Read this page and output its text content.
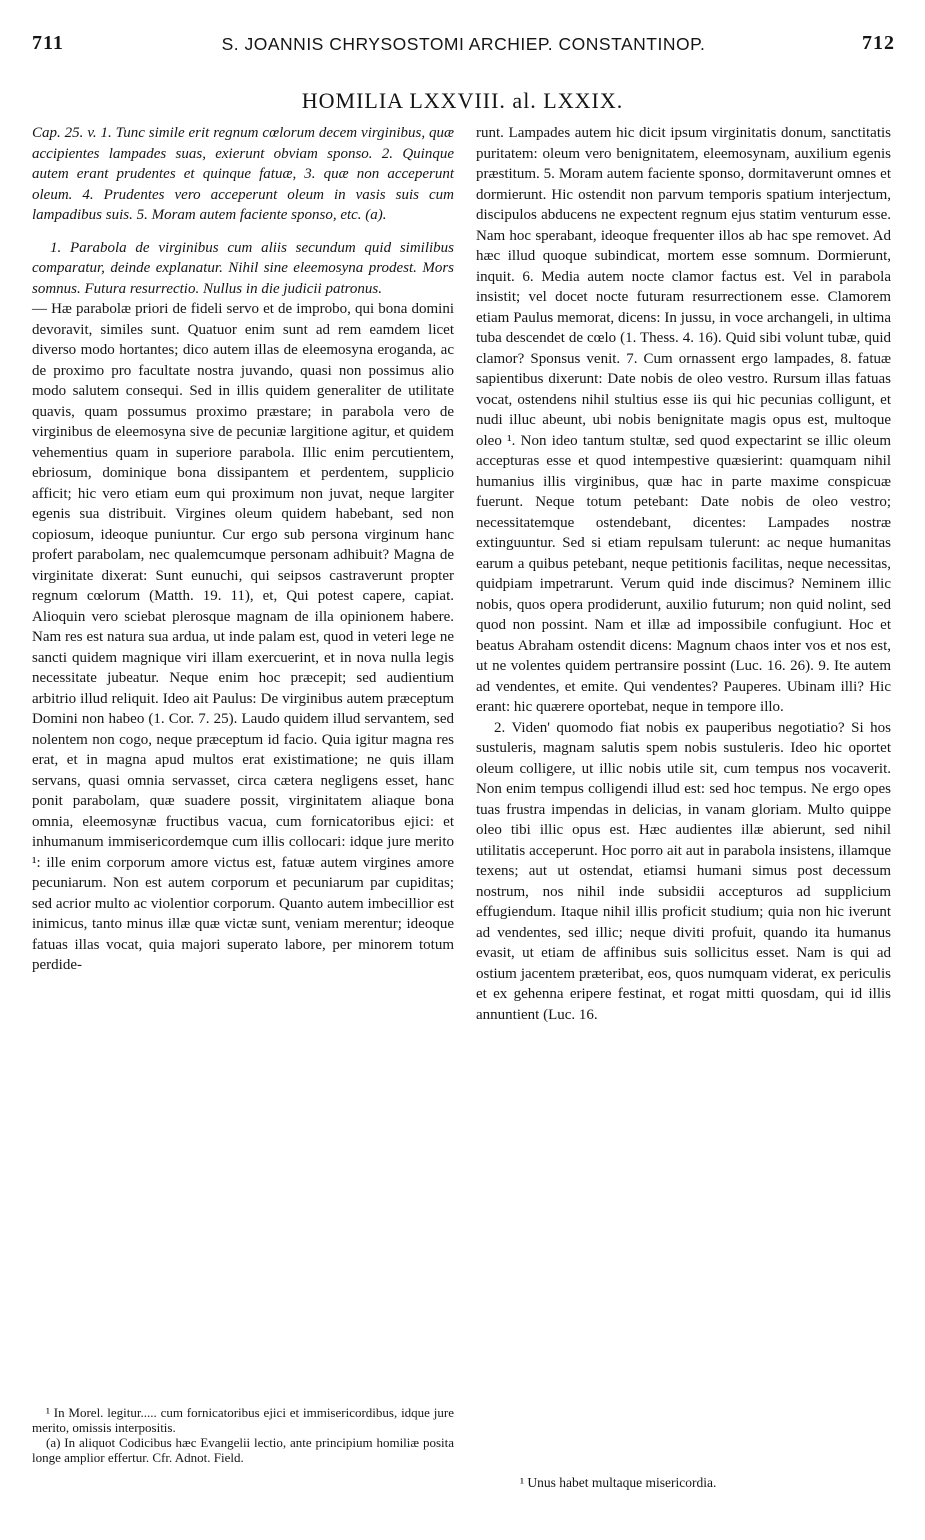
711	S. JOANNIS CHRYSOSTOMI ARCHIEP. CONSTANTINOP.	712
HOMILIA LXXVIII. al. LXXIX.

Cap. 25. v. 1. Tunc simile erit regnum cœlorum decem virginibus, quæ accipientes lampades suas, exierunt obviam sponso. 2. Quinque autem erant prudentes et quinque fatuæ, 3. quæ non acceperunt oleum. 4. Prudentes vero acceperunt oleum in vasis suis cum lampadibus suis. 5. Moram autem faciente sponso, etc. (a).

1. Parabola de virginibus cum aliis secundum quid similibus comparatur, deinde explanatur. Nihil sine eleemosyna prodest. Mors somnus. Futura resurrectio. Nullus in die judicii patronus.

— Hæ parabolæ priori de fideli servo et de improbo, qui bona domini devoravit, similes sunt. Quatuor enim sunt ad rem eamdem licet diverso modo hortantes; dico autem illas de eleemosyna eroganda, ac de proximo pro facultate nostra juvando, quasi non possimus alio modo salutem consequi. Sed in illis quidem generaliter de utilitate quavis, quam possumus proximo præstare; in parabola vero de virginibus de eleemosyna sive de pecuniæ largitione agitur, et quidem vehementius quam in superiore parabola. Illic enim percutientem, ebriosum, dominique bona dissipantem et perdentem, supplicio afficit; hic vero etiam eum qui proximum non juvat, neque largiter egenis sua distribuit. Virgines oleum quidem habebant, sed non copiosum, ideoque puniuntur. Cur ergo sub persona virginum hanc profert parabolam, nec qualemcumque personam adhibuit? Magna de virginitate dixerat: Sunt eunuchi, qui seipsos castraverunt propter regnum cœlorum (Matth. 19. 11), et, Qui potest capere, capiat. Alioquin vero sciebat plerosque magnam de illa opinionem habere. Nam res est natura sua ardua, ut inde palam est, quod in veteri lege ne sancti quidem magnique viri illam exercuerint, et in nova nulla legis necessitate jubeatur. Neque enim hoc præcepit; sed audientium arbitrio illud reliquit. Ideo ait Paulus: De virginibus autem præceptum Domini non habeo (1. Cor. 7. 25). Laudo quidem illud servantem, sed nolentem non cogo, neque præceptum id facio. Quia igitur magna res erat, et in magna apud multos erat existimatione; ne quis illam servans, quasi omnia servasset, circa cætera negligens esset, hanc ponit parabolam, quæ suadere possit, virginitatem aliaque bona omnia, eleemosynæ fructibus vacua, cum fornicatoribus ejici: et inhumanum immisericordemque cum illis collocari: idque jure merito ¹: ille enim corporum amore victus est, fatuæ autem virgines amore pecuniarum. Non est autem corporum et pecuniarum par cupiditas; sed acrior multo ac violentior corporum. Quanto autem imbecillior est inimicus, tanto minus illæ quæ victæ sunt, veniam merentur; ideoque fatuas illas vocat, quia majori superato labore, per minorem totum perdide-

runt. Lampades autem hic dicit ipsum virginitatis donum, sanctitatis puritatem: oleum vero benignitatem, eleemosynam, auxilium egenis præstitum. 5. Moram autem faciente sponso, dormitaverunt omnes et dormierunt. Hic ostendit non parvum temporis spatium interjectum, discipulos abducens ne expectent regnum ejus statim venturum esse. Nam hoc sperabant, ideoque frequenter illos ab hac spe removet. Ad hæc illud quoque subindicat, mortem esse somnum. Dormierunt, inquit. 6. Media autem nocte clamor factus est. Vel in parabola insistit; vel docet nocte futuram resurrectionem esse. Clamorem etiam Paulus memorat, dicens: In jussu, in voce archangeli, in ultima tuba descendet de cœlo (1. Thess. 4. 16). Quid sibi volunt tubæ, quid clamor? Sponsus venit. 7. Cum ornassent ergo lampades, 8. fatuæ sapientibus dixerunt: Date nobis de oleo vestro. Rursum illas fatuas vocat, ostendens nihil stultius esse iis qui hic pecunias colligunt, et nudi illuc abeunt, ubi nobis benignitate magis opus est, multoque oleo ¹. Non ideo tantum stultæ, sed quod expectarint se illic oleum accepturas esse et quod intempestive quæsierint: quamquam nihil humanius illis virginibus, quæ hac in parte maxime conspicuæ fuerunt. Neque totum petebant: Date nobis de oleo vestro; necessitatemque ostendebant, dicentes: Lampades nostræ extinguuntur. Sed si etiam repulsam tulerunt: ac neque humanitas earum a quibus petebant, neque petitionis facilitas, neque necessitas, quidpiam impetrarunt. Verum quid inde discimus? Neminem illic nobis, quos opera prodiderunt, auxilio futurum; non quid nolint, sed quod non possint. Nam et illæ ad impossibile confugiunt. Hoc et beatus Abraham ostendit dicens: Magnum chaos inter vos et nos est, ut ne volentes quidem pertransire possint (Luc. 16. 26). 9. Ite autem ad vendentes, et emite. Qui vendentes? Pauperes. Ubinam illi? Hic erant: hic quærere oportebat, neque in tempore illo.

2. Viden' quomodo fiat nobis ex pauperibus negotiatio? Si hos sustuleris, magnam salutis spem nobis sustuleris. Ideo hic oportet oleum colligere, ut illic nobis utile sit, cum tempus nos vocaverit. Non enim tempus colligendi illud est: sed hoc tempus. Ne ergo opes tuas frustra impendas in delicias, in vanam gloriam. Multo quippe oleo tibi illic opus est. Hæc audientes illæ abierunt, sed nihil utilitatis acceperunt. Hoc porro ait aut in parabola insistens, illamque texens; aut ut ostendat, etiamsi humani simus post decessum nostrum, nos nihil inde subsidii accepturos ad supplicium effugiendum. Itaque nihil illis proficit studium; quia non hic iverunt ad vendentes, sed illic; neque diviti profuit, quando ita humanus evasit, ut etiam de affinibus suis sollicitus esset. Nam is qui ad ostium jacentem præteribat, eos, quos numquam viderat, ex periculis et ex gehenna eripere festinat, et rogat mitti quosdam, qui id illis annuntient (Luc. 16.

¹ In Morel. legitur..... cum fornicatoribus ejici et immisericordibus, idque jure merito, omissis interpositis.

(a) In aliquot Codicibus hæc Evangelii lectio, ante principium homiliæ posita longe amplior effertur. Cfr. Adnot. Field.

¹ Unus habet multaque misericordia.
